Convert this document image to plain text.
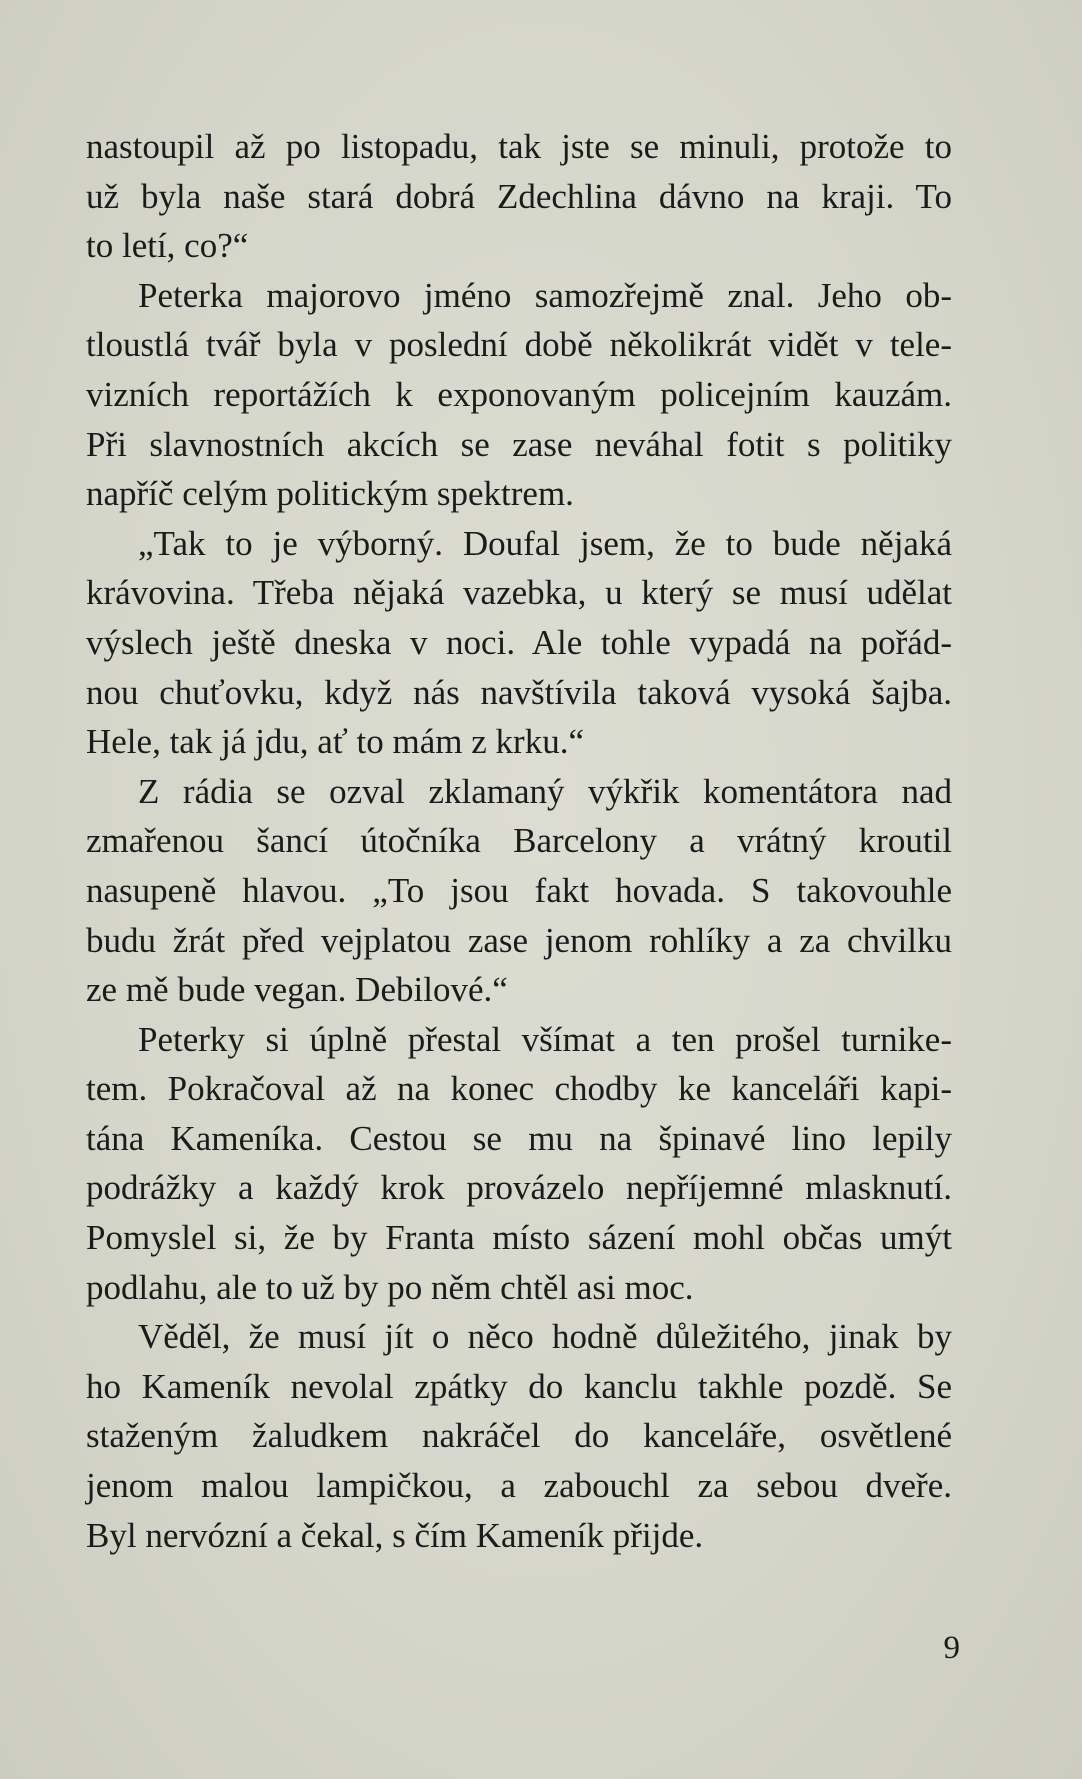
nastoupil až po listopadu, tak jste se minuli, protože to
už byla naše stará dobrá Zdechlina dávno na kraji. To
to letí, co?“
Peterka majorovo jméno samozřejmě znal. Jeho ob-
tloustlá tvář byla v poslední době několikrát vidět v tele-
vizních reportážích k exponovaným policejním kauzám.
Při slavnostních akcích se zase neváhal fotit s politiky
napříč celým politickým spektrem.
„Tak to je výborný. Doufal jsem, že to bude nějaká
krávovina. Třeba nějaká vazebka, u který se musí udělat
výslech ještě dneska v noci. Ale tohle vypadá na pořád-
nou chuťovku, když nás navštívila taková vysoká šajba.
Hele, tak já jdu, ať to mám z krku.“
Z rádia se ozval zklamaný výkřik komentátora nad
zmařenou šancí útočníka Barcelony a vrátný kroutil
nasupeně hlavou. „To jsou fakt hovada. S takovouhle
budu žrát před vejplatou zase jenom rohlíky a za chvilku
ze mě bude vegan. Debilové.“
Peterky si úplně přestal všímat a ten prošel turnike-
tem. Pokračoval až na konec chodby ke kanceláři kapi-
tána Kameníka. Cestou se mu na špinavé lino lepily
podrážky a každý krok provázelo nepříjemné mlasknutí.
Pomyslel si, že by Franta místo sázení mohl občas umýt
podlahu, ale to už by po něm chtěl asi moc.
Věděl, že musí jít o něco hodně důležitého, jinak by
ho Kameník nevolal zpátky do kanclu takhle pozdě. Se
staženým žaludkem nakráčel do kanceláře, osvětlené
jenom malou lampičkou, a zabouchl za sebou dveře.
Byl nervózní a čekal, s čím Kameník přijde.
9
